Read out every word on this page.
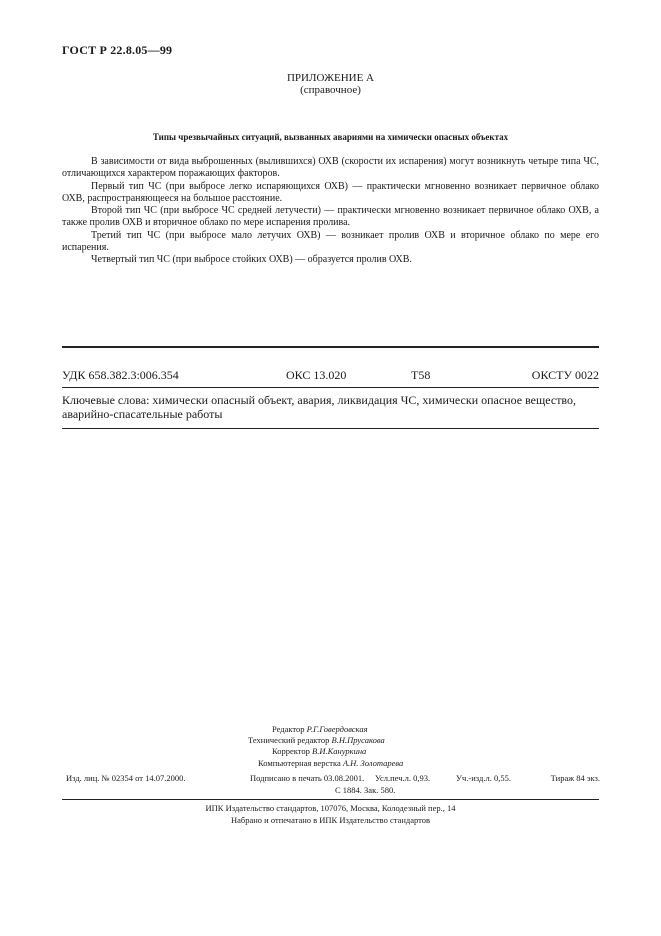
ГОСТ Р 22.8.05—99
ПРИЛОЖЕНИЕ А
(справочное)
Типы чрезвычайных ситуаций, вызванных авариями на химически опасных объектах

В зависимости от вида выброшенных (вылившихся) ОХВ (скорости их испарения) могут возникнуть четыре типа ЧС, отличающихся характером поражающих факторов.

Первый тип ЧС (при выбросе легко испаряющихся ОХВ) — практически мгновенно возникает первичное облако ОХВ, распространяющееся на большое расстояние.

Второй тип ЧС (при выбросе ЧС средней летучести) — практически мгновенно возникает первичное облако ОХВ, а также пролив ОХВ и вторичное облако по мере испарения пролива.

Третий тип ЧС (при выбросе мало летучих ОХВ) — возникает пролив ОХВ и вторичное облако по мере его испарения.

Четвертый тип ЧС (при выбросе стойких ОХВ) — образуется пролив ОХВ.

УДК 658.382.3:006.354	ОКС 13.020	Т58	ОКСТУ 0022
Ключевые слова: химически опасный объект, авария, ликвидация ЧС, химически опасное вещество, аварийно-спасательные работы
Редактор Р.Г.Говердовская
Технический редактор В.Н.Прусакова
Корректор В.И.Кануркина
Компьютерная верстка А.Н. Золотарева
Изд. лиц. № 02354 от 14.07.2000.	Подписано в печать 03.08.2001. Усл.печ.л. 0,93.	Уч.-изд.л. 0,55.	Тираж 84 экз.
С 1884. Зак. 580.
ИПК Издательство стандартов, 107076, Москва, Колодезный пер., 14
Набрано и отпечатано в ИПК Издательство стандартов
